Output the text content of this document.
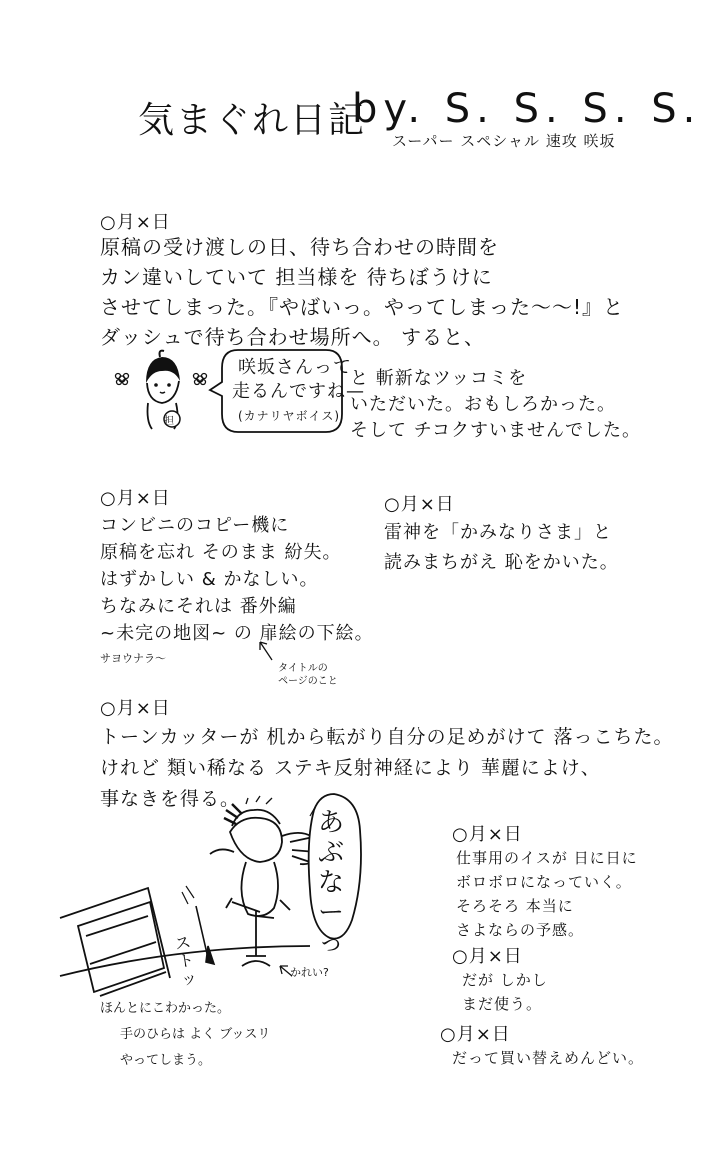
気まぐれ日記
by. S. S. S. S.
スーパー スペシャル 速攻 咲坂
○月×日
原稿の受け渡しの日、待ち合わせの時間を
カン違いしていて 担当様を 待ちぼうけに
させてしまった。『やばいっ。やってしまった〜〜!』と
ダッシュで待ち合わせ場所へ。 すると、
担
咲坂さんって
走るんですね—
(カナリヤボイス)
と 斬新なツッコミを
いただいた。おもしろかった。
そして チコクすいませんでした。
○月×日
コンビニのコピー機に
原稿を忘れ そのまま 紛失。
はずかしい & かなしい。
ちなみにそれは 番外編
~未完の地図~ の 扉絵の下絵。
サヨウナラ〜
タイトルの
ページのこと
○月×日
雷神を「かみなりさま」と
読みまちがえ 恥をかいた。
○月×日
トーンカッターが 机から転がり自分の足めがけて 落っこちた。
けれど 類い稀なる ステキ反射神経により 華麗によけ、
事なきを得る。
あぶなーっ
ストッ	かれい?
ほんとにこわかった。
手のひらは よく ブッスリ
やってしまう。
○月×日
仕事用のイスが 日に日に
ボロボロになっていく。
そろそろ 本当に
さよならの予感。
○月×日
だが しかし
まだ使う。
○月×日
だって買い替えめんどい。
